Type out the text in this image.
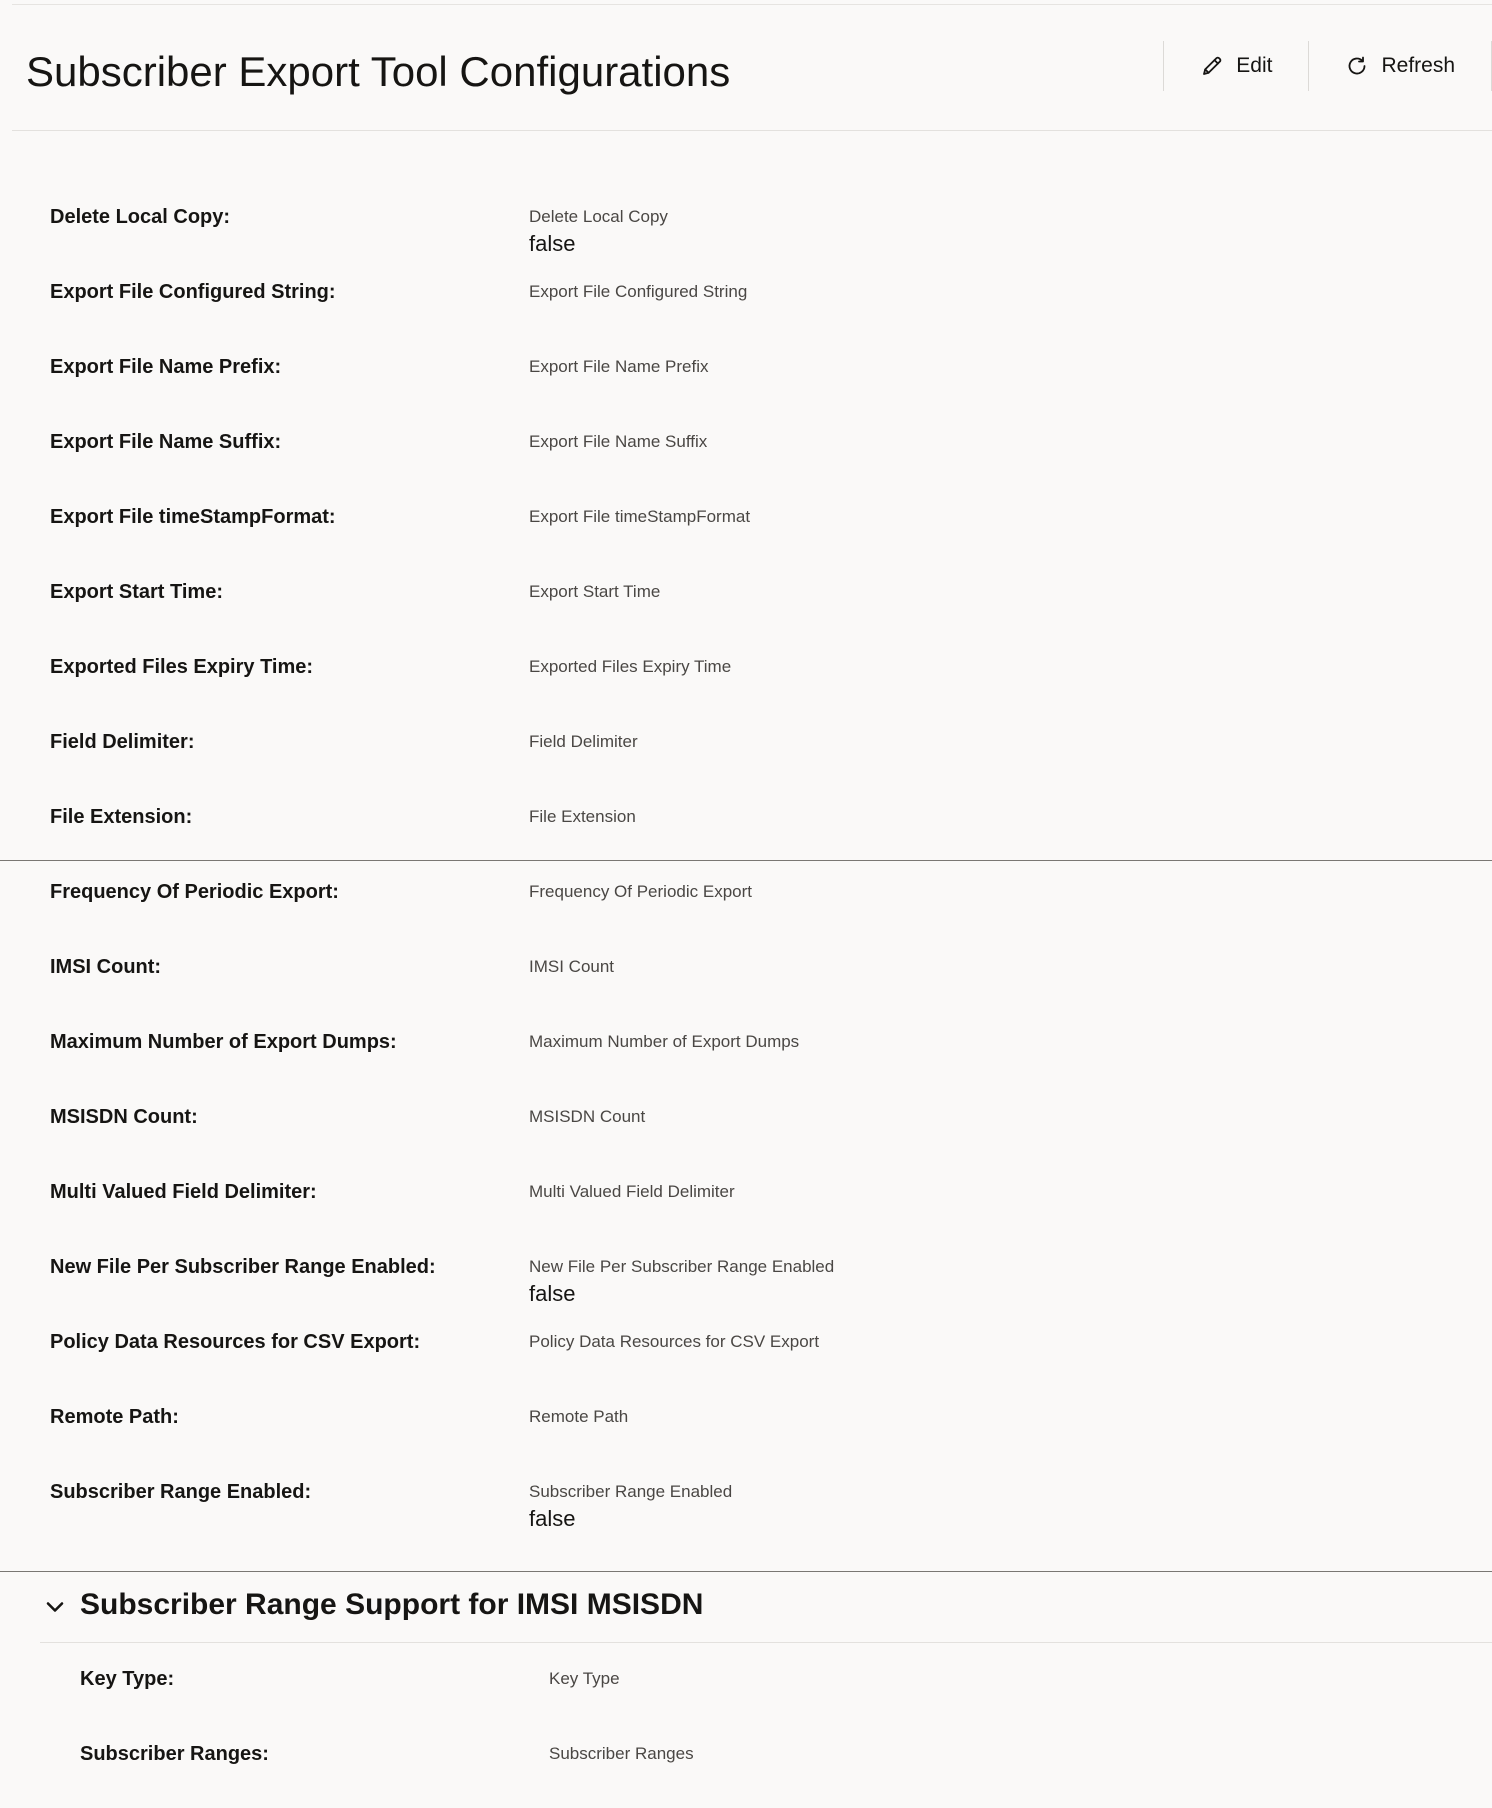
Subscriber Export Tool Configurations	Edit	Refresh
Delete Local Copy:	Delete Local Copy
false
Export File Configured String:	Export File Configured String
Export File Name Prefix:	Export File Name Prefix
Export File Name Suffix:	Export File Name Suffix
Export File timeStampFormat:	Export File timeStampFormat
Export Start Time:	Export Start Time
Exported Files Expiry Time:	Exported Files Expiry Time
Field Delimiter:	Field Delimiter
File Extension:	File Extension
Frequency Of Periodic Export:	Frequency Of Periodic Export
IMSI Count:	IMSI Count
Maximum Number of Export Dumps:	Maximum Number of Export Dumps
MSISDN Count:	MSISDN Count
Multi Valued Field Delimiter:	Multi Valued Field Delimiter
New File Per Subscriber Range Enabled:	New File Per Subscriber Range Enabled
false
Policy Data Resources for CSV Export:	Policy Data Resources for CSV Export
Remote Path:	Remote Path
Subscriber Range Enabled:	Subscriber Range Enabled
false
Subscriber Range Support for IMSI MSISDN
Key Type:	Key Type
Subscriber Ranges:	Subscriber Ranges
